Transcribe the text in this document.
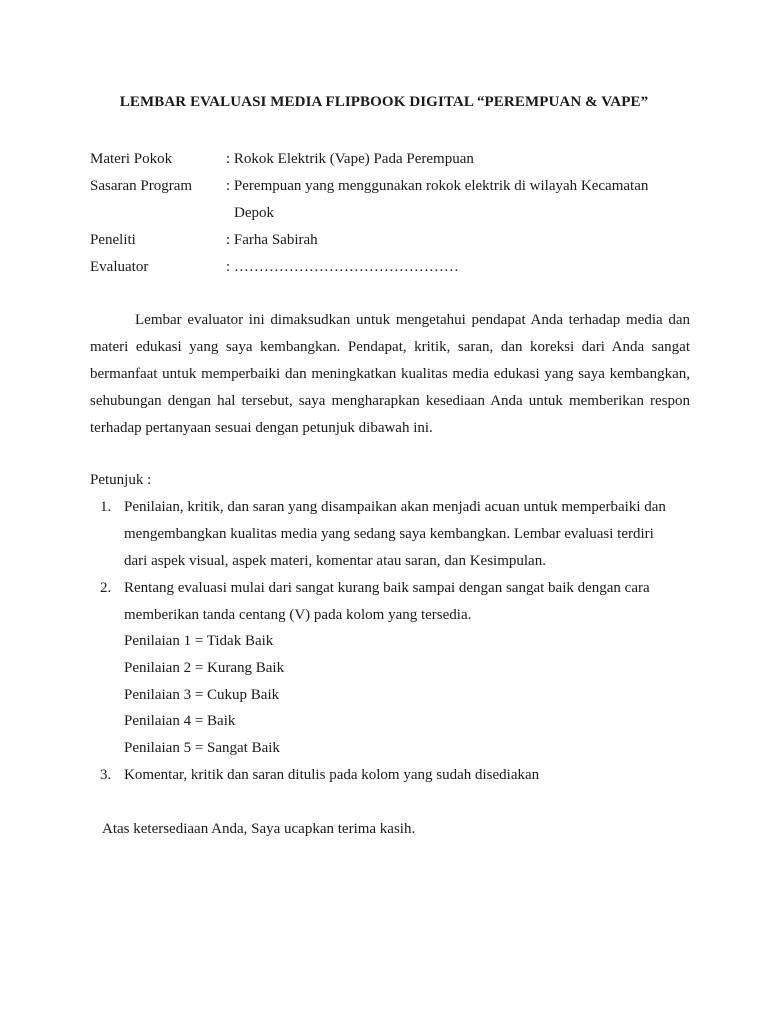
LEMBAR EVALUASI MEDIA FLIPBOOK DIGITAL “PEREMPUAN & VAPE”
Materi Pokok	: Rokok Elektrik (Vape) Pada Perempuan
Sasaran Program : Perempuan yang menggunakan rokok elektrik di wilayah Kecamatan
Depok
Peneliti	: Farha Sabirah
Evaluator	: ………………………………………
Lembar evaluator ini dimaksudkan untuk mengetahui pendapat Anda terhadap media dan materi edukasi yang saya kembangkan. Pendapat, kritik, saran, dan koreksi dari Anda sangat bermanfaat untuk memperbaiki dan meningkatkan kualitas media edukasi yang saya kembangkan, sehubungan dengan hal tersebut, saya mengharapkan kesediaan Anda untuk memberikan respon terhadap pertanyaan sesuai dengan petunjuk dibawah ini.
Petunjuk :
1. Penilaian, kritik, dan saran yang disampaikan akan menjadi acuan untuk memperbaiki dan
mengembangkan kualitas media yang sedang saya kembangkan. Lembar evaluasi terdiri
dari aspek visual, aspek materi, komentar atau saran, dan Kesimpulan.
2. Rentang evaluasi mulai dari sangat kurang baik sampai dengan sangat baik dengan cara
memberikan tanda centang (V) pada kolom yang tersedia.
Penilaian 1 = Tidak Baik
Penilaian 2 = Kurang Baik
Penilaian 3 = Cukup Baik
Penilaian 4 = Baik
Penilaian 5 = Sangat Baik
3. Komentar, kritik dan saran ditulis pada kolom yang sudah disediakan
Atas ketersediaan Anda, Saya ucapkan terima kasih.
